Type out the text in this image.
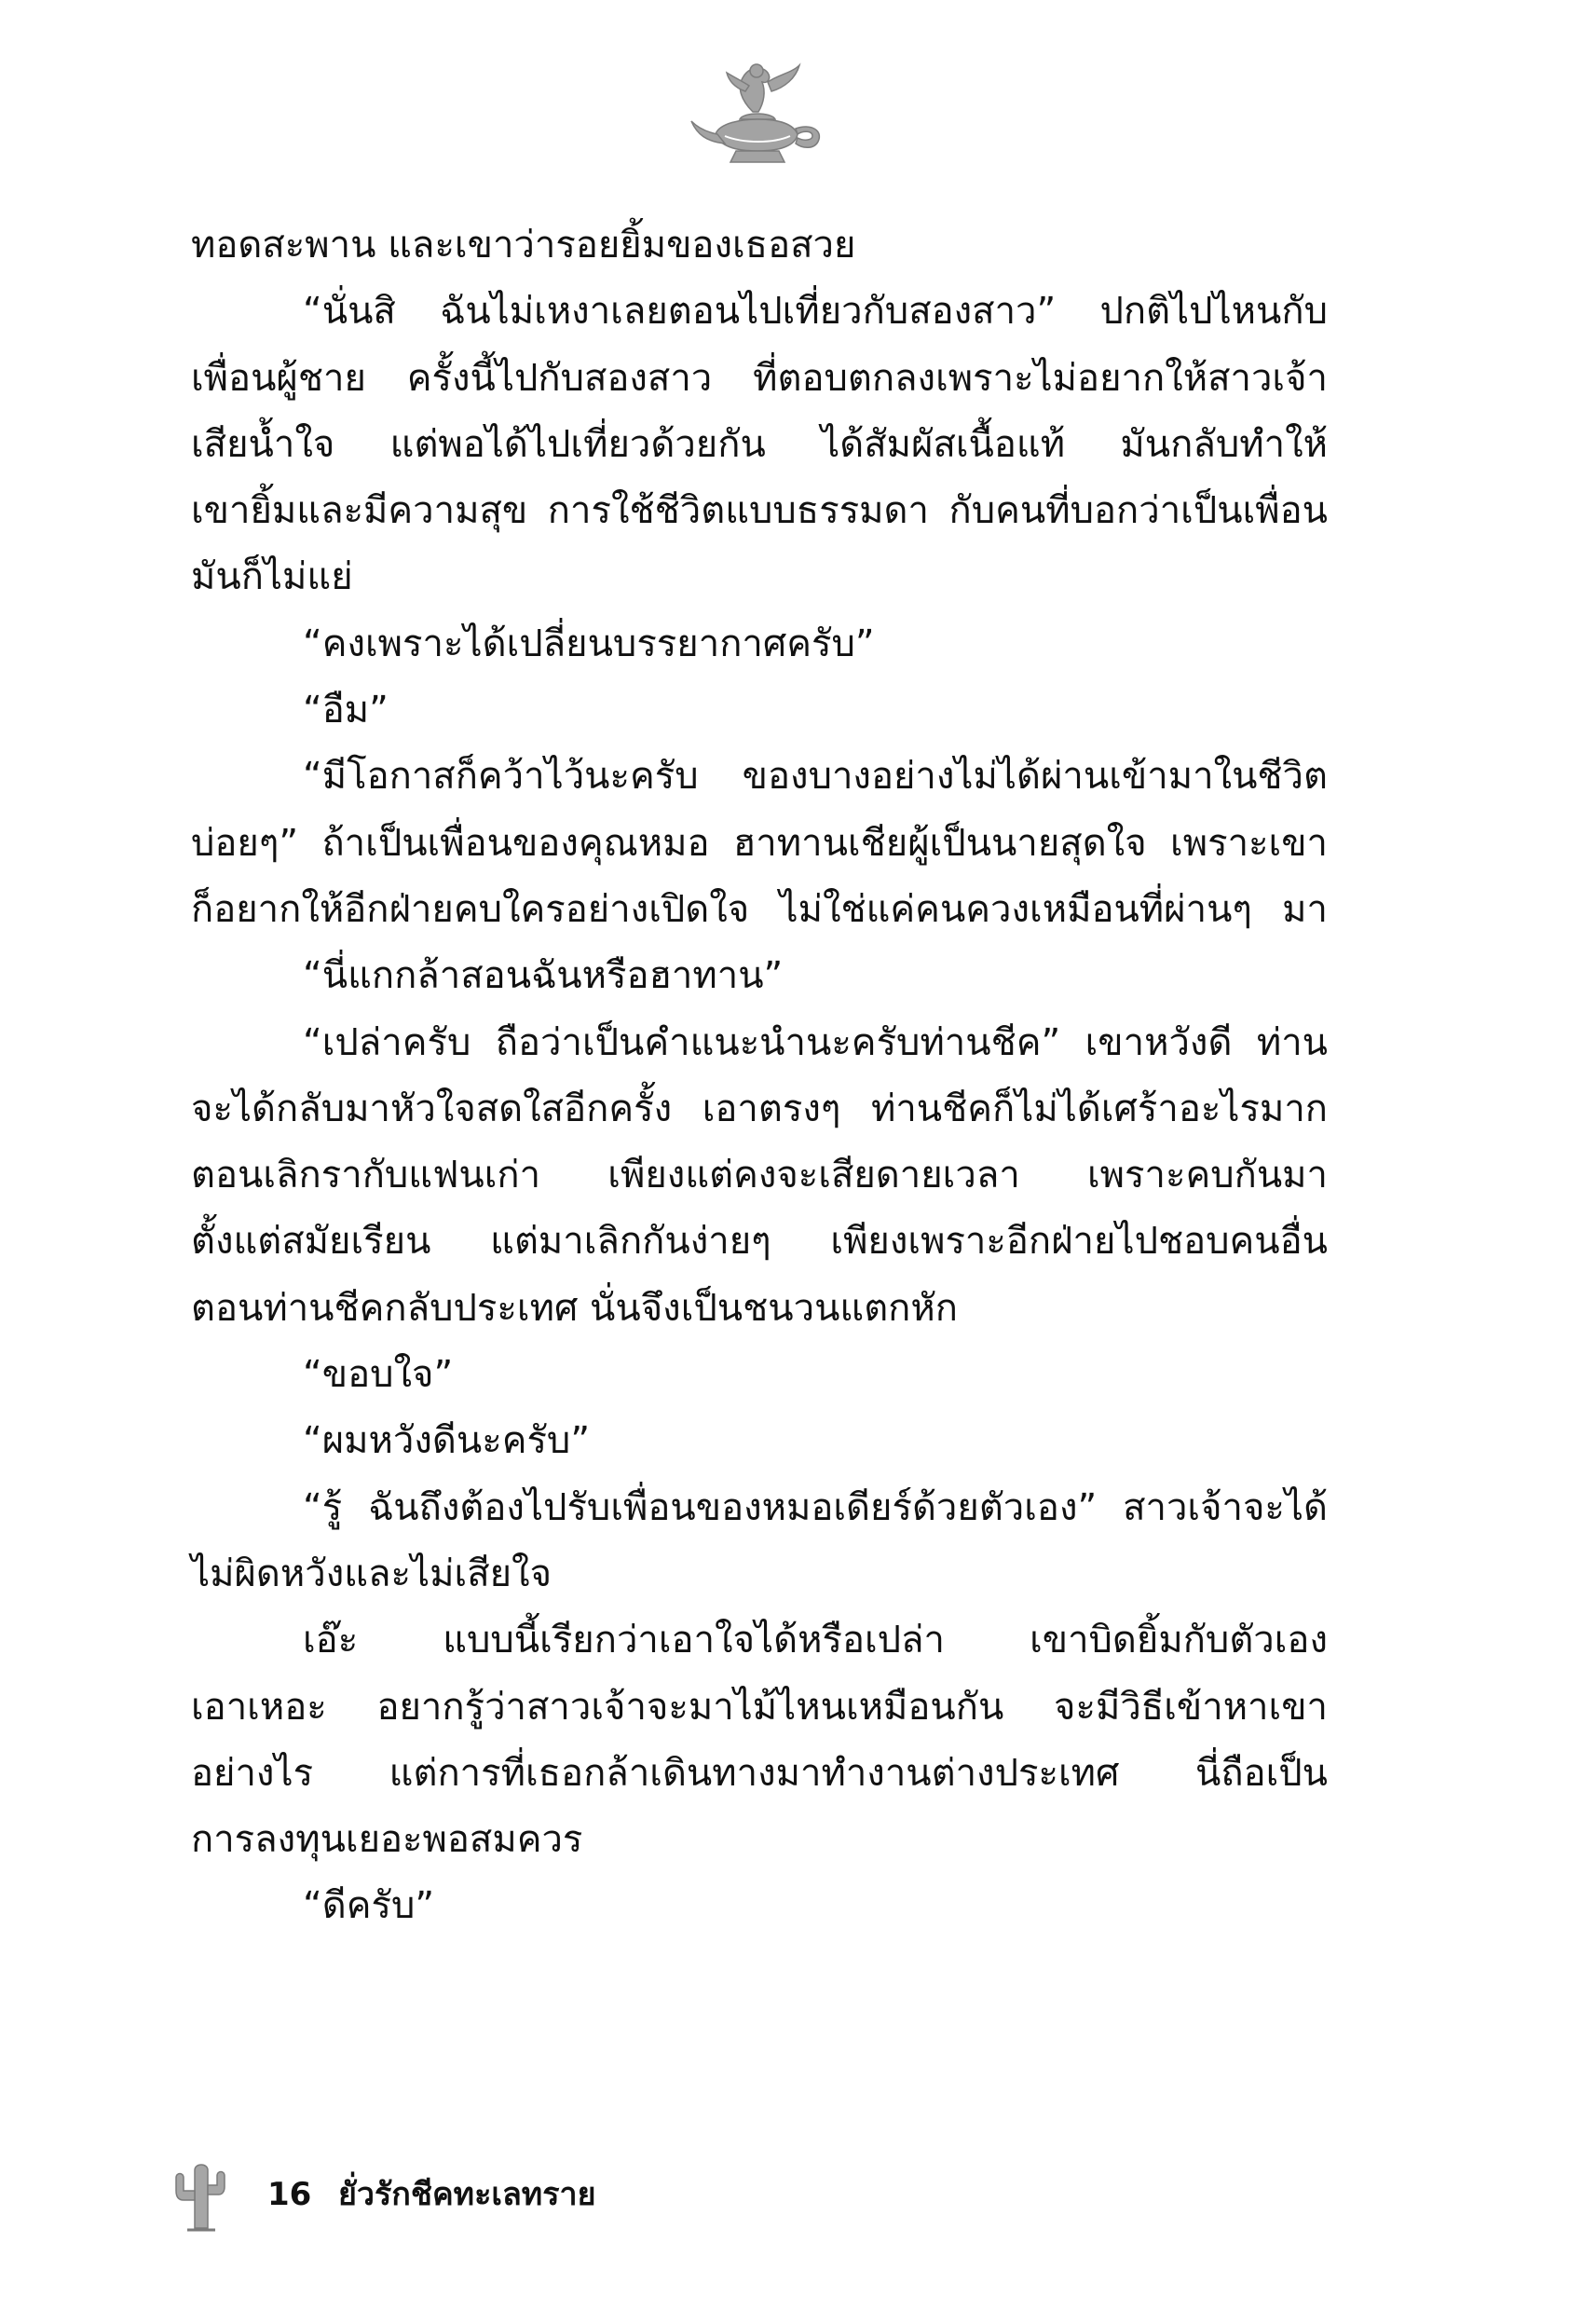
ทอดสะพาน และเขาว่ารอยยิ้มของเธอสวย
“นั่นสิ ฉันไม่เหงาเลยตอนไปเที่ยวกับสองสาว” ปกติไปไหนกับ
เพื่อนผู้ชาย ครั้งนี้ไปกับสองสาว ที่ตอบตกลงเพราะไม่อยากให้สาวเจ้า
เสียน้ำใจ แต่พอได้ไปเที่ยวด้วยกัน ได้สัมผัสเนื้อแท้ มันกลับทำให้
เขายิ้มและมีความสุข การใช้ชีวิตแบบธรรมดา กับคนที่บอกว่าเป็นเพื่อน
มันก็ไม่แย่
“คงเพราะได้เปลี่ยนบรรยากาศครับ”
“อืม”
“มีโอกาสก็คว้าไว้นะครับ ของบางอย่างไม่ได้ผ่านเข้ามาในชีวิต
บ่อยๆ” ถ้าเป็นเพื่อนของคุณหมอ ฮาทานเชียผู้เป็นนายสุดใจ เพราะเขา
ก็อยากให้อีกฝ่ายคบใครอย่างเปิดใจ ไม่ใช่แค่คนควงเหมือนที่ผ่านๆ มา
“นี่แกกล้าสอนฉันหรือฮาทาน”
“เปล่าครับ ถือว่าเป็นคำแนะนำนะครับท่านชีค” เขาหวังดี ท่าน
จะได้กลับมาหัวใจสดใสอีกครั้ง เอาตรงๆ ท่านชีคก็ไม่ได้เศร้าอะไรมาก
ตอนเลิกรากับแฟนเก่า เพียงแต่คงจะเสียดายเวลา เพราะคบกันมา
ตั้งแต่สมัยเรียน แต่มาเลิกกันง่ายๆ เพียงเพราะอีกฝ่ายไปชอบคนอื่น
ตอนท่านชีคกลับประเทศ นั่นจึงเป็นชนวนแตกหัก
“ขอบใจ”
“ผมหวังดีนะครับ”
“รู้ ฉันถึงต้องไปรับเพื่อนของหมอเดียร์ด้วยตัวเอง” สาวเจ้าจะได้
ไม่ผิดหวังและไม่เสียใจ
เอ๊ะ แบบนี้เรียกว่าเอาใจได้หรือเปล่า เขาบิดยิ้มกับตัวเอง
เอาเหอะ อยากรู้ว่าสาวเจ้าจะมาไม้ไหนเหมือนกัน จะมีวิธีเข้าหาเขา
อย่างไร แต่การที่เธอกล้าเดินทางมาทำงานต่างประเทศ นี่ถือเป็น
การลงทุนเยอะพอสมควร
“ดีครับ”
16 ยั่วรักชีคทะเลทราย
